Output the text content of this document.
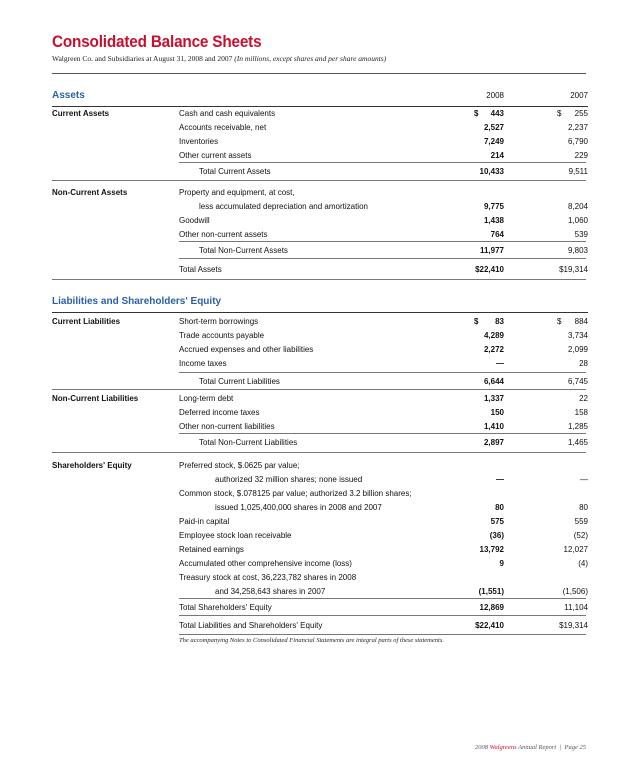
Consolidated Balance Sheets
Walgreen Co. and Subsidiaries at August 31, 2008 and 2007 (In millions, except shares and per share amounts)
Assets	2008	2007
Liabilities and Shareholders' Equity
Current Assets	Cash and cash equivalents	$ 443	$ 255
Accounts receivable, net	2,527	2,237
Inventories	7,249	6,790
Other current assets	214	229
Total Current Assets	10,433	9,511
Non-Current Assets	Property and equipment, at cost,
less accumulated depreciation and amortization	9,775	8,204
Goodwill	1,438	1,060
Other non-current assets	764	539
Total Non-Current Assets	11,977	9,803
Total Assets	$22,410	$19,314
Current Liabilities	Short-term borrowings	$ 83	$ 884
Trade accounts payable	4,289	3,734
Accrued expenses and other liabilities	2,272	2,099
Income taxes	—	28
Total Current Liabilities	6,644	6,745
Non-Current Liabilities	Long-term debt	1,337	22
Deferred income taxes	150	158
Other non-current liabilities	1,410	1,285
Total Non-Current Liabilities	2,897	1,465
Shareholders' Equity	Preferred stock, $.0625 par value;
authorized 32 million shares; none issued	—	—
Common stock, $.078125 par value; authorized 3.2 billion shares;
issued 1,025,400,000 shares in 2008 and 2007	80	80
Paid-in capital	575	559
Employee stock loan receivable	(36)	(52)
Retained earnings	13,792	12,027
Accumulated other comprehensive income (loss)	9	(4)
Treasury stock at cost, 36,223,782 shares in 2008
and 34,258,643 shares in 2007	(1,551)	(1,506)
Total Shareholders' Equity	12,869	11,104
Total Liabilities and Shareholders' Equity	$22,410	$19,314
The accompanying Notes to Consolidated Financial Statements are integral parts of these statements.
2008 Walgreens Annual Report  |  Page 25
